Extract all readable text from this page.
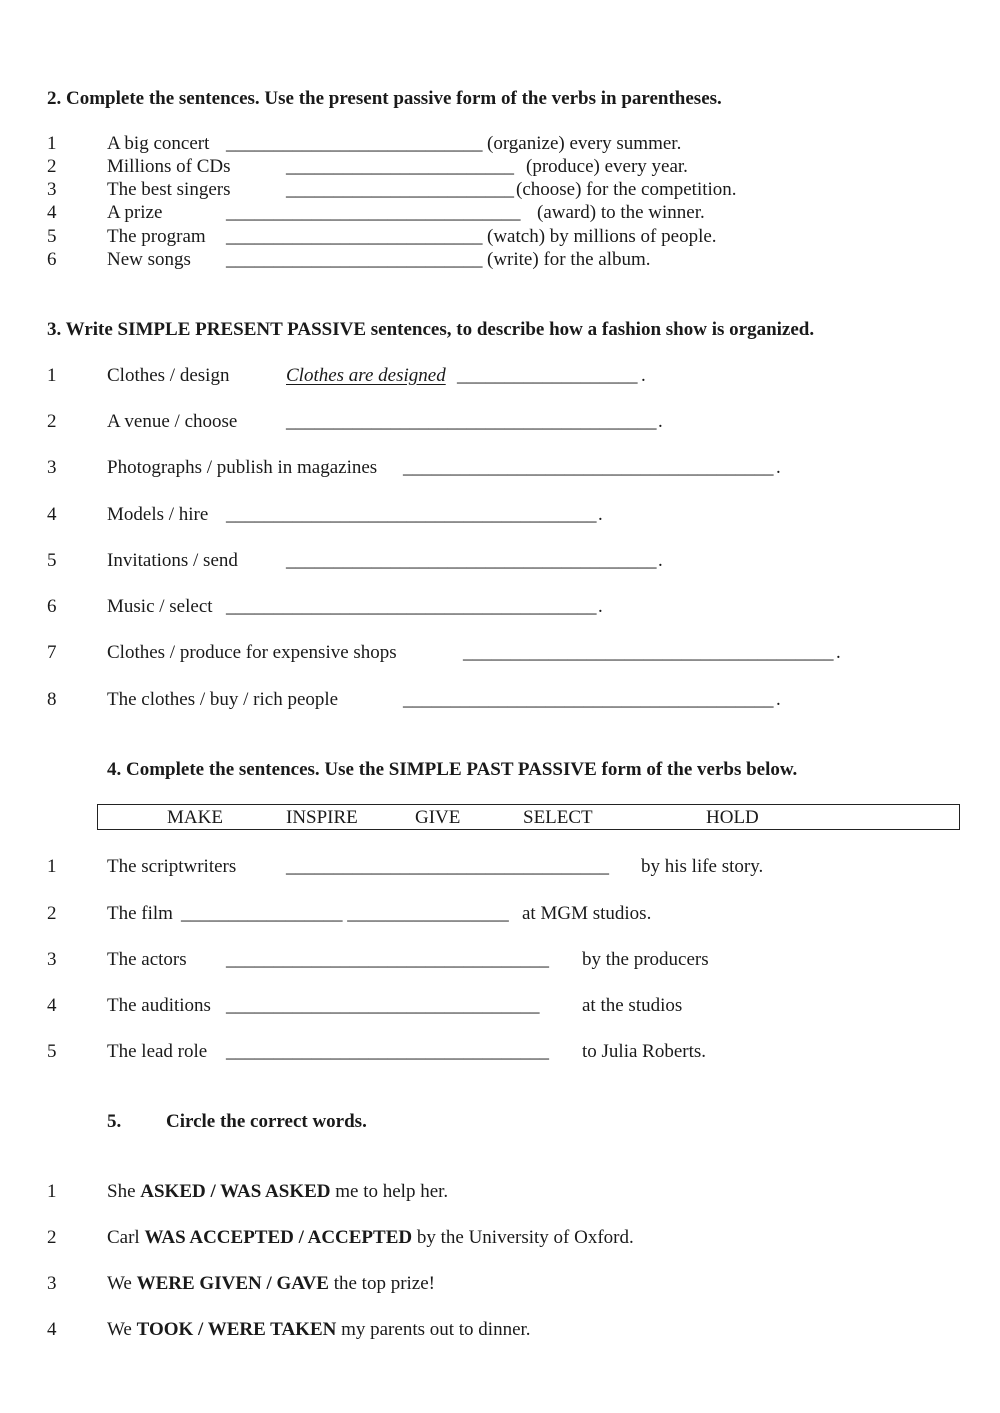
2. Complete the sentences. Use the present passive form of the verbs in parentheses.
1	A big concert ___________________________ (organize) every summer.
2	Millions of CDs	________________________ (produce) every year.
3	The best singers	________________________ (choose) for the competition.
4	A prize	_______________________________ (award) to the winner.
5	The program ___________________________ (watch) by millions of people.
6	New songs ___________________________ (write) for the album.
3. Write SIMPLE PRESENT PASSIVE sentences, to describe how a fashion show is organized.
1	Clothes / design	Clothes are designed ___________________ .
2	A venue / choose	_______________________________________ .
3	Photographs / publish in magazines _______________________________________ .
4	Models / hire _______________________________________ .
5	Invitations / send	_______________________________________ .
6	Music / select _______________________________________ .
7	Clothes / produce for expensive shops	_______________________________________ .
8	The clothes / buy / rich people	_______________________________________ .
4. Complete the sentences. Use the SIMPLE PAST PASSIVE form of the verbs below.
MAKE	INSPIRE	GIVE	SELECT	HOLD
1	The scriptwriters	__________________________________ by his life story.
2	The film _________________ _________________ at MGM studios.
3	The actors __________________________________ by the producers
4	The auditions _________________________________ at the studios
5	The lead role __________________________________ to Julia Roberts.
5. Circle the correct words.
1	She ASKED / WAS ASKED me to help her.
2	Carl WAS ACCEPTED / ACCEPTED by the University of Oxford.
3	We WERE GIVEN / GAVE the top prize!
4	We TOOK / WERE TAKEN my parents out to dinner.
